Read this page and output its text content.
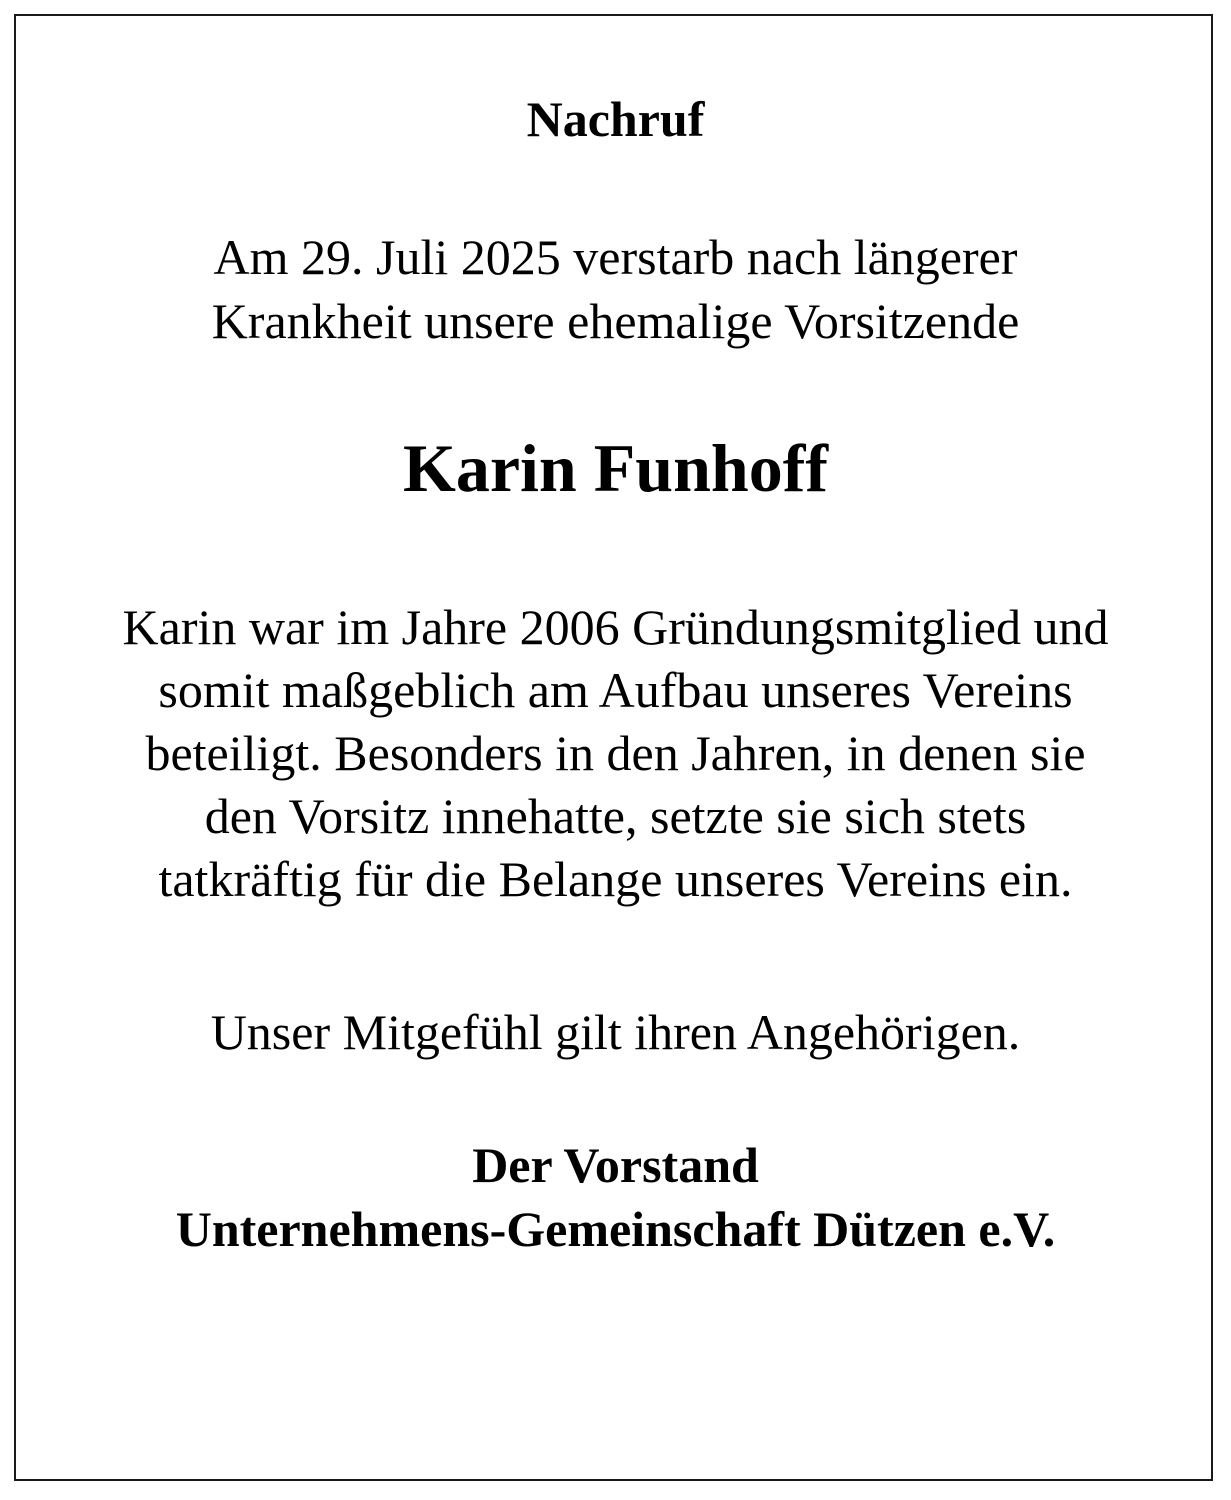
Nachruf
Am 29. Juli 2025 verstarb nach längerer
Krankheit unsere ehemalige Vorsitzende
Karin Funhoff
Karin war im Jahre 2006 Gründungsmitglied und
somit maßgeblich am Aufbau unseres Vereins
beteiligt. Besonders in den Jahren, in denen sie
den Vorsitz innehatte, setzte sie sich stets
tatkräftig für die Belange unseres Vereins ein.
Unser Mitgefühl gilt ihren Angehörigen.
Der Vorstand
Unternehmens-Gemeinschaft Dützen e.V.
